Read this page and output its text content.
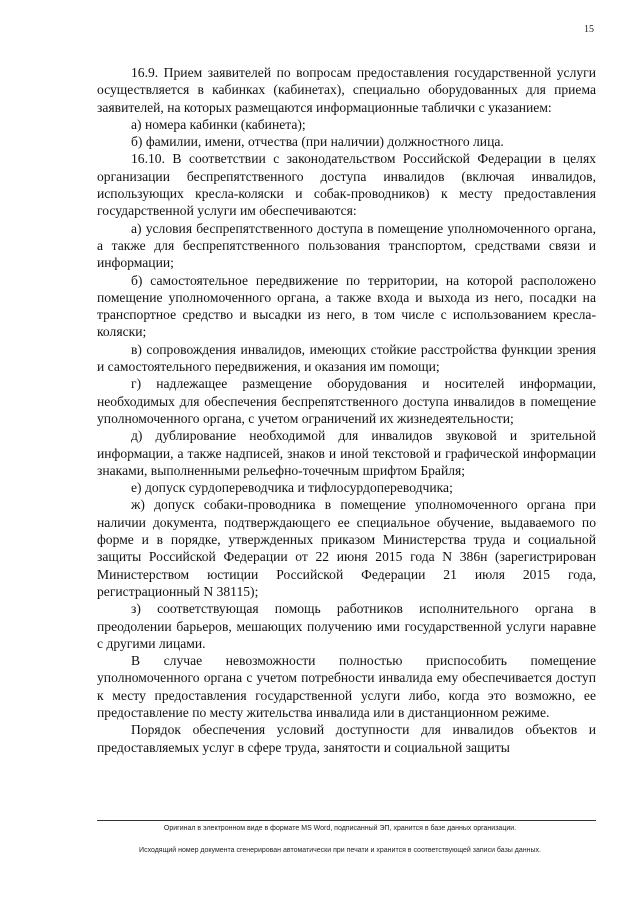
15

16.9. Прием заявителей по вопросам предоставления государственной услуги осуществляется в кабинках (кабинетах), специально оборудованных для приема заявителей, на которых размещаются информационные таблички с указанием:

а) номера кабинки (кабинета);

б) фамилии, имени, отчества (при наличии) должностного лица.

16.10. В соответствии с законодательством Российской Федерации в целях организации беспрепятственного доступа инвалидов (включая инвалидов, использующих кресла-коляски и собак-проводников) к месту предоставления государственной услуги им обеспечиваются:

а) условия беспрепятственного доступа в помещение уполномоченного органа, а также для беспрепятственного пользования транспортом, средствами связи и информации;

б) самостоятельное передвижение по территории, на которой расположено помещение уполномоченного органа, а также входа и выхода из него, посадки на транспортное средство и высадки из него, в том числе с использованием кресла-коляски;

в) сопровождения инвалидов, имеющих стойкие расстройства функции зрения и самостоятельного передвижения, и оказания им помощи;

г) надлежащее размещение оборудования и носителей информации, необходимых для обеспечения беспрепятственного доступа инвалидов в помещение уполномоченного органа, с учетом ограничений их жизнедеятельности;

д) дублирование необходимой для инвалидов звуковой и зрительной информации, а также надписей, знаков и иной текстовой и графической информации знаками, выполненными рельефно-точечным шрифтом Брайля;

е) допуск сурдопереводчика и тифлосурдопереводчика;

ж) допуск собаки-проводника в помещение уполномоченного органа при наличии документа, подтверждающего ее специальное обучение, выдаваемого по форме и в порядке, утвержденных приказом Министерства труда и социальной защиты Российской Федерации от 22 июня 2015 года N 386н (зарегистрирован Министерством юстиции Российской Федерации 21 июля 2015 года, регистрационный N 38115);

з) соответствующая помощь работников исполнительного органа в преодолении барьеров, мешающих получению ими государственной услуги наравне с другими лицами.

В случае невозможности полностью приспособить помещение уполномоченного органа с учетом потребности инвалида ему обеспечивается доступ к месту предоставления государственной услуги либо, когда это возможно, ее предоставление по месту жительства инвалида или в дистанционном режиме.

Порядок обеспечения условий доступности для инвалидов объектов и предоставляемых услуг в сфере труда, занятости и социальной защиты

Оригинал в электронном виде в формате MS Word, подписанный ЭП, хранится в базе данных организации.
Исходящий номер документа сгенерирован автоматически при печати и хранится в соответствующей записи базы данных.
